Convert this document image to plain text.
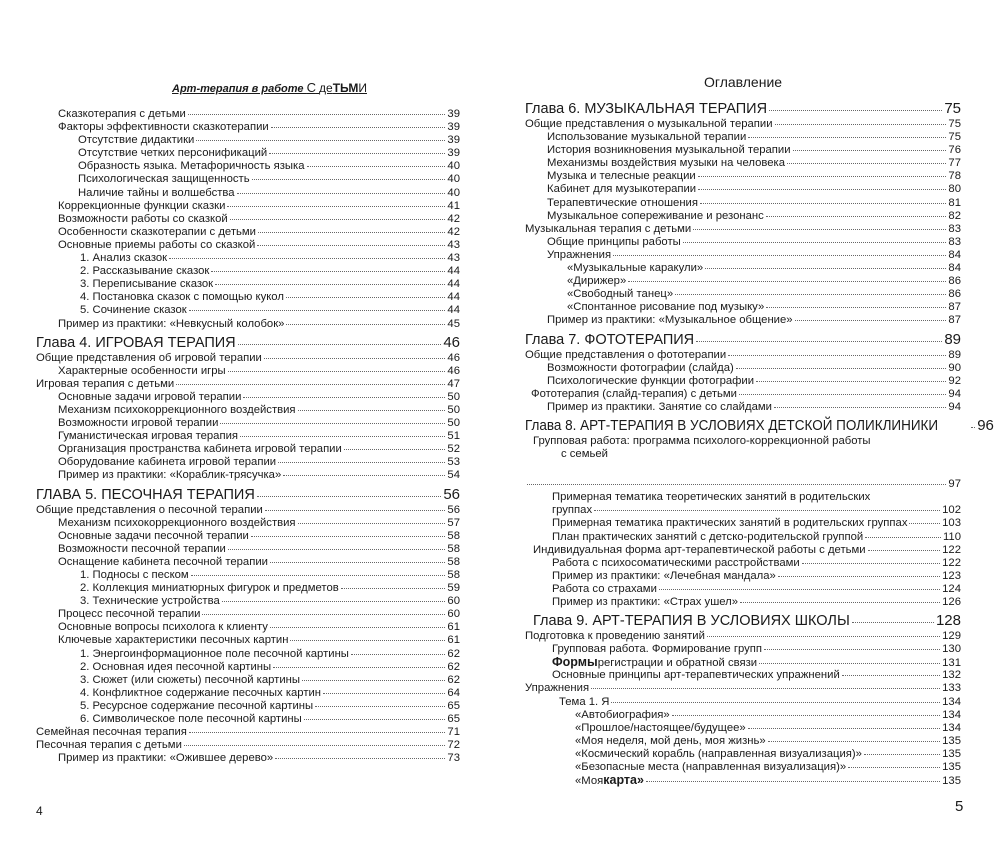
Арт-терапия в работе С деТЬМИ
Сказкотерапия с детьми	39
Факторы эффективности сказкотерапии	39
Отсутствие дидактики	39
Отсутствие четких персонификаций	39
Образность языка. Метафоричность языка	40
Психологическая защищенность	40
Наличие тайны и волшебства	40
Коррекционные функции сказки	41
Возможности работы со сказкой	42
Особенности сказкотерапии с детьми	42
Основные приемы работы со сказкой	43
1. Анализ сказок	43
2. Рассказывание сказок	44
3. Переписывание сказок	44
4. Постановка сказок с помощью кукол	44
5. Сочинение сказок	44
Пример из практики: «Невкусный колобок»	45
Глава 4. ИГРОВАЯ ТЕРАПИЯ	46
Общие представления об игровой терапии	46
Характерные особенности игры	46
Игровая терапия с детьми	47
Основные задачи игровой терапии	50
Механизм психокоррекционного воздействия	50
Возможности игровой терапии	50
Гуманистическая игровая терапия	51
Организация пространства кабинета игровой терапии	52
Оборудование кабинета игровой терапии	53
Пример из практики: «Кораблик-трясучка»	54
ГЛАВА 5. ПЕСОЧНАЯ ТЕРАПИЯ	56
Общие представления о песочной терапии	56
Механизм психокоррекционного воздействия	57
Основные задачи песочной терапии	58
Возможности песочной терапии	58
Оснащение кабинета песочной терапии	58
1. Подносы с песком	58
2. Коллекция миниатюрных фигурок и предметов	59
3. Технические устройства	60
Процесс песочной терапии	60
Основные вопросы психолога к клиенту	61
Ключевые характеристики песочных картин	61
1. Энергоинформационное поле песочной картины	62
2. Основная идея песочной картины	62
3. Сюжет (или сюжеты) песочной картины	62
4. Конфликтное содержание песочных картин	64
5. Ресурсное содержание песочной картины	65
6. Символическое поле песочной картины	65
Семейная песочная терапия	71
Песочная терапия с детьми	72
Пример из практики: «Ожившее дерево»	73
4
Оглавление
Глава 6. МУЗЫКАЛЬНАЯ ТЕРАПИЯ	75
Общие представления о музыкальной терапии	75
Использование музыкальной терапии	75
История возникновения музыкальной терапии	76
Механизмы воздействия музыки на человека	77
Музыка и телесные реакции	78
Кабинет для музыкотерапии	80
Терапевтические отношения	81
Музыкальное сопереживание и резонанс	82
Музыкальная терапия с детьми	83
Общие принципы работы	83
Упражнения	84
«Музыкальные каракули»	84
«Дирижер»	86
«Свободный танец»	86
«Спонтанное рисование под музыку»	87
Пример из практики: «Музыкальное общение»	87
Глава 7. ФОТОТЕРАПИЯ	89
Общие представления о фототерапии	89
Возможности фотографии (слайда)	90
Психологические функции фотографии	92
Фототерапия (слайд-терапия) с детьми	94
Пример из практики. Занятие со слайдами	94
Глава 8. АРТ-ТЕРАПИЯ В УСЛОВИЯХ ДЕТСКОЙ ПОЛИКЛИНИКИ	96
Групповая работа: программа психолого-коррекционной работы
с семьей
97
Примерная тематика теоретических занятий в родительских
группах	102
Примерная тематика практических занятий в родительских группах	103
План практических занятий с детско-родительской группой	110
Индивидуальная форма арт-терапевтической работы с детьми	122
Работа с психосоматическими расстройствами	122
Пример из практики: «Лечебная мандала»	123
Работа со страхами	124
Пример из практики: «Страх ушел»	126
Глава 9. АРТ-ТЕРАПИЯ В УСЛОВИЯХ ШКОЛЫ	128
Подготовка к проведению занятий	129
Групповая работа. Формирование групп	130
Формы регистрации и обратной связи	131
Основные принципы арт-терапевтических упражнений	132
Упражнения	133
Тема 1. Я	134
«Автобиография»	134
«Прошлое/настоящее/будущее»	134
«Моя неделя, мой день, моя жизнь»	135
«Космический корабль (направленная визуализация)»	135
«Безопасные места (направленная визуализация)»	135
«Моя карта»	135
5
